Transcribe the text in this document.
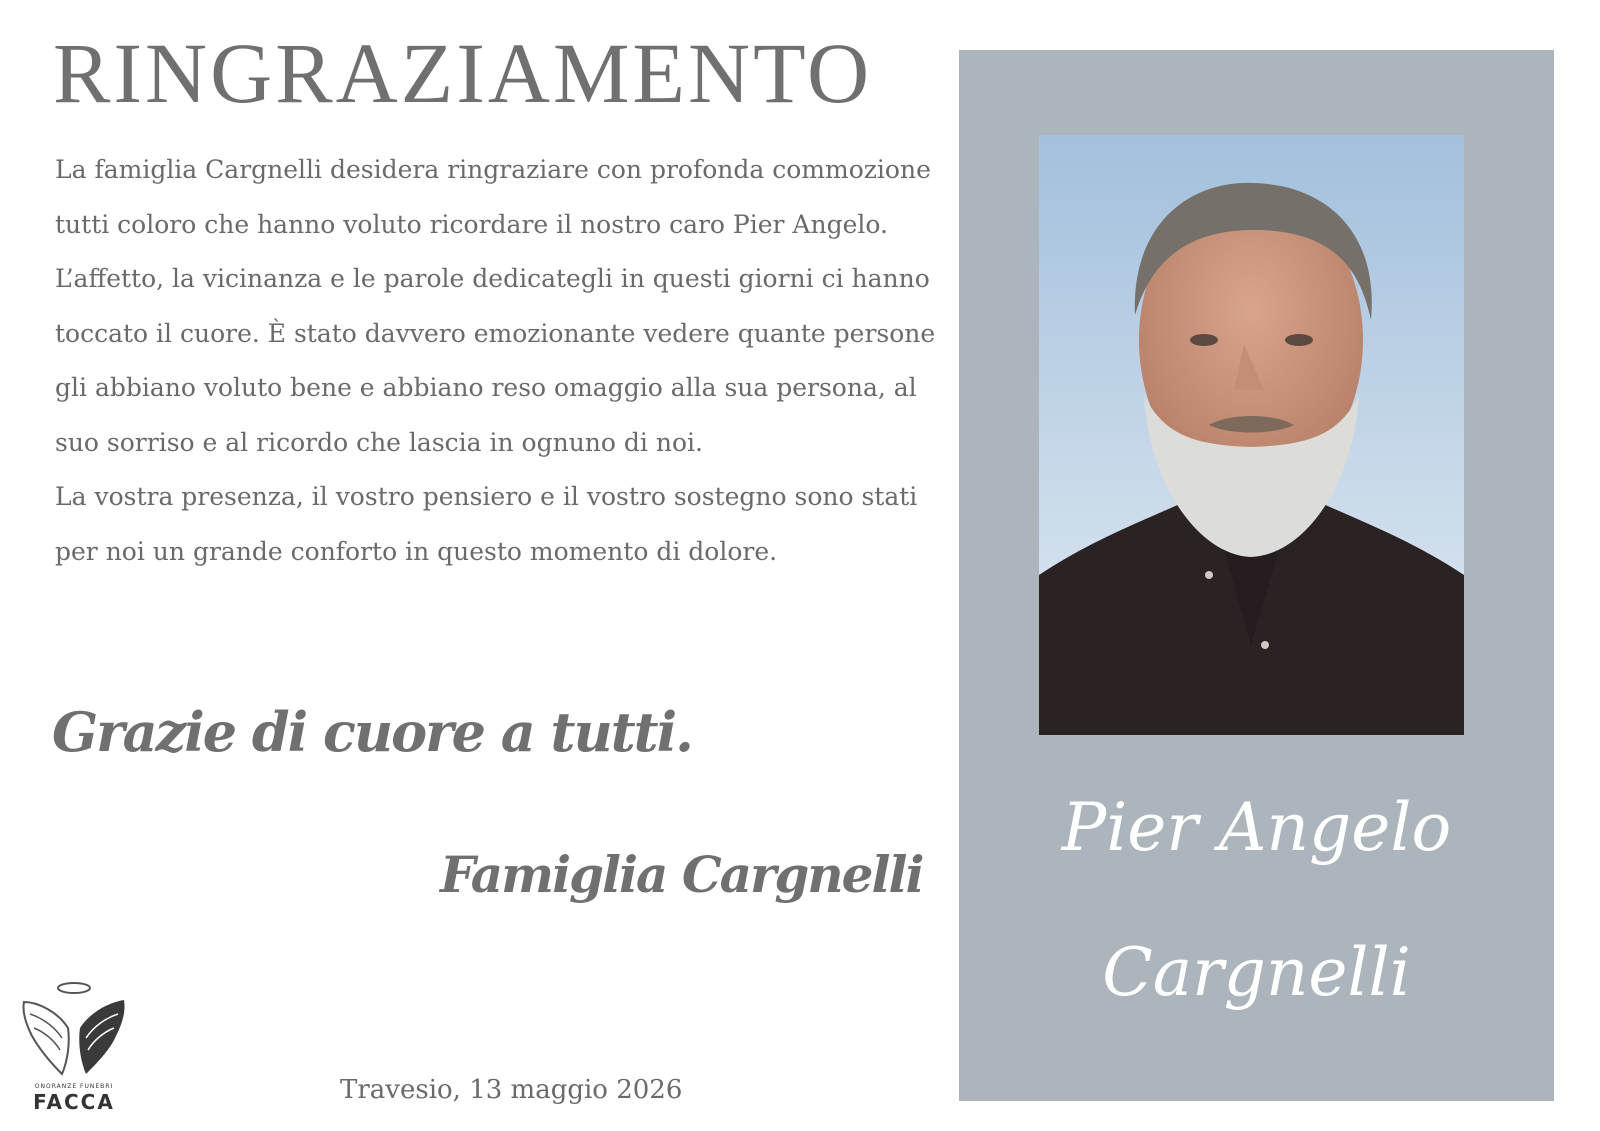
RINGRAZIAMENTO

La famiglia Cargnelli desidera ringraziare con profonda commozione tutti coloro che hanno voluto ricordare il nostro caro Pier Angelo.

L’affetto, la vicinanza e le parole dedicategli in questi giorni ci hanno toccato il cuore. È stato davvero emozionante vedere quante persone gli abbiano voluto bene e abbiano reso omaggio alla sua persona, al suo sorriso e al ricordo che lascia in ognuno di noi.

La vostra presenza, il vostro pensiero e il vostro sostegno sono stati per noi un grande conforto in questo momento di dolore.

Grazie di cuore a tutti.
Famiglia Cargnelli
ONORANZE FUNEBRI
FACCA	Travesio, 13 maggio 2026
Pier Angelo
Cargnelli
